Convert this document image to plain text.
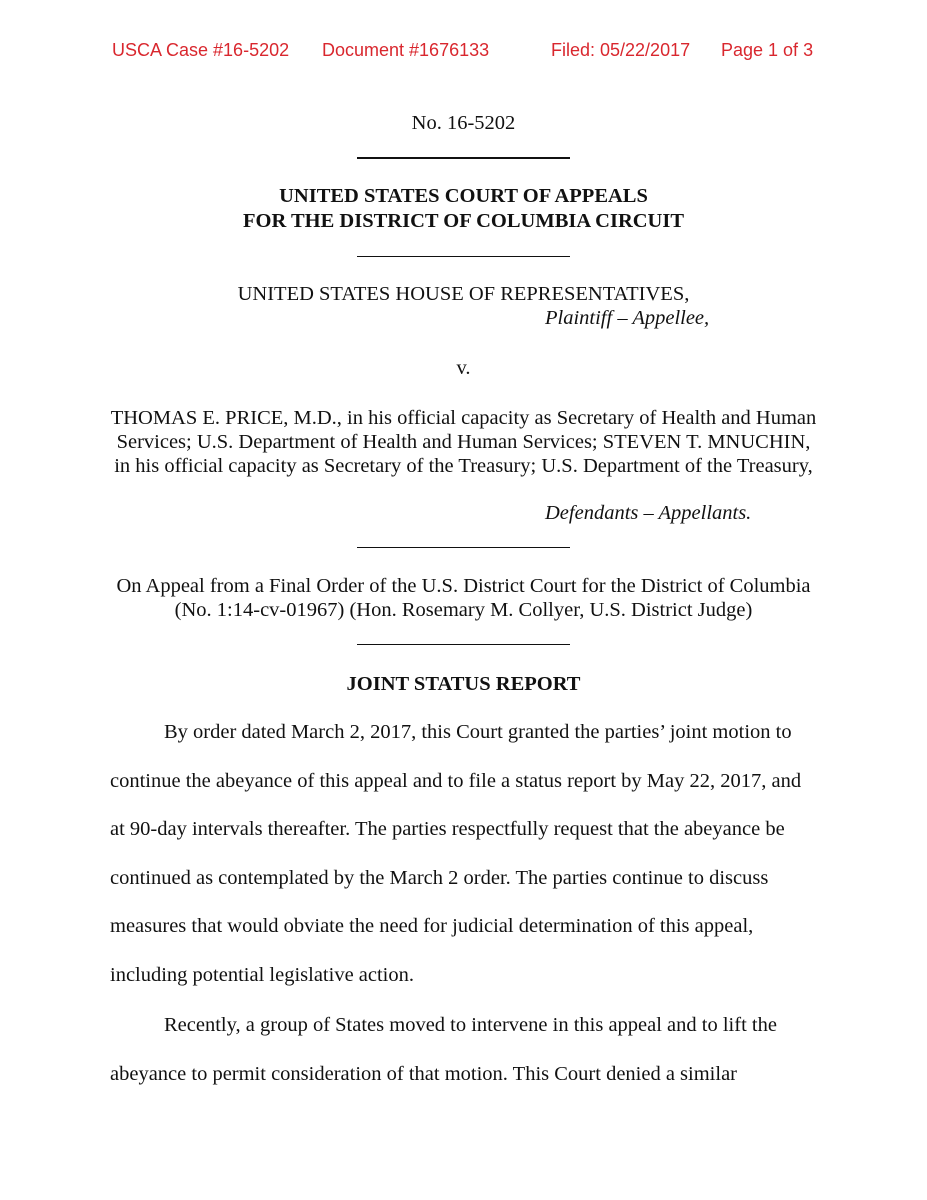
USCA Case #16-5202 Document #1676133	Filed: 05/22/2017 Page 1 of 3
No. 16-5202
UNITED STATES COURT OF APPEALS
FOR THE DISTRICT OF COLUMBIA CIRCUIT
UNITED STATES HOUSE OF REPRESENTATIVES,
Plaintiff – Appellee,
v.
THOMAS E. PRICE, M.D., in his official capacity as Secretary of Health and Human Services; U.S. Department of Health and Human Services; STEVEN T. MNUCHIN, in his official capacity as Secretary of the Treasury; U.S. Department of the Treasury,
Defendants – Appellants.
On Appeal from a Final Order of the U.S. District Court for the District of Columbia (No. 1:14-cv-01967) (Hon. Rosemary M. Collyer, U.S. District Judge)
JOINT STATUS REPORT
By order dated March 2, 2017, this Court granted the parties’ joint motion to continue the abeyance of this appeal and to file a status report by May 22, 2017, and at 90-day intervals thereafter. The parties respectfully request that the abeyance be continued as contemplated by the March 2 order. The parties continue to discuss measures that would obviate the need for judicial determination of this appeal, including potential legislative action.
Recently, a group of States moved to intervene in this appeal and to lift the abeyance to permit consideration of that motion. This Court denied a similar
